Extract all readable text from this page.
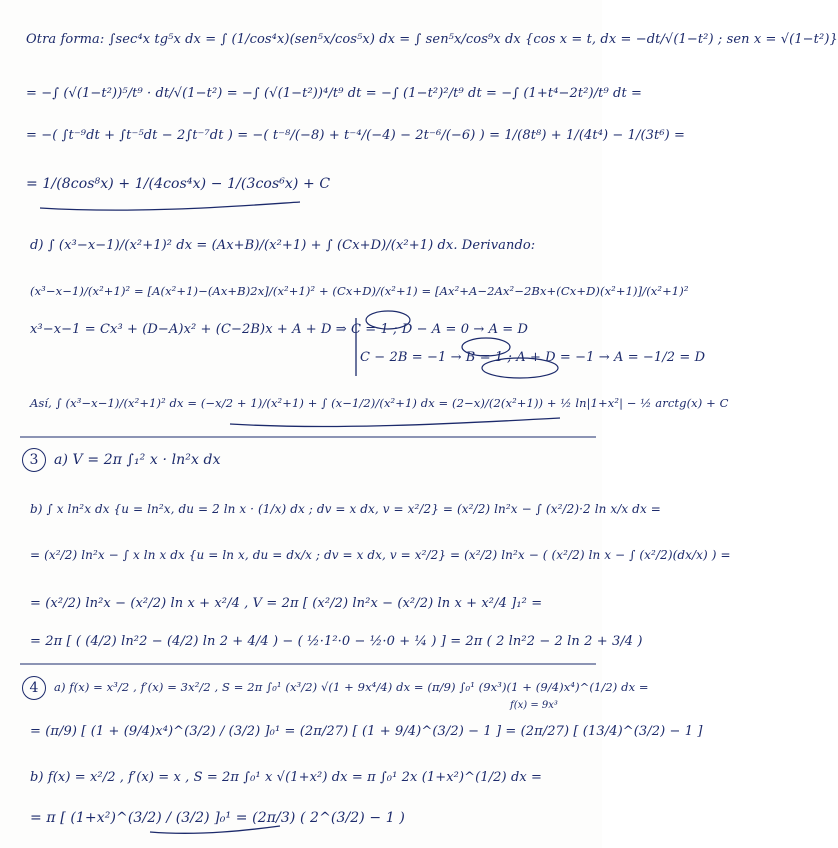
Otra forma: ∫sec⁴x tg⁵x dx = ∫ (1/cos⁴x)(sen⁵x/cos⁵x) dx = ∫ sen⁵x/cos⁹x dx {cos x = t, dx = −dt/√(1−t²) ; sen x = √(1−t²)}
= −∫ (√(1−t²))⁵/t⁹ · dt/√(1−t²) = −∫ (√(1−t²))⁴/t⁹ dt = −∫ (1−t²)²/t⁹ dt = −∫ (1+t⁴−2t²)/t⁹ dt =
= −( ∫t⁻⁹dt + ∫t⁻⁵dt − 2∫t⁻⁷dt ) = −( t⁻⁸/(−8) + t⁻⁴/(−4) − 2t⁻⁶/(−6) ) = 1/(8t⁸) + 1/(4t⁴) − 1/(3t⁶) =
= 1/(8cos⁸x) + 1/(4cos⁴x) − 1/(3cos⁶x) + C
d) ∫ (x³−x−1)/(x²+1)² dx = (Ax+B)/(x²+1) + ∫ (Cx+D)/(x²+1) dx. Derivando:
(x³−x−1)/(x²+1)² = [A(x²+1)−(Ax+B)2x]/(x²+1)² + (Cx+D)/(x²+1) = [Ax²+A−2Ax²−2Bx+(Cx+D)(x²+1)]/(x²+1)²
x³−x−1 = Cx³ + (D−A)x² + (C−2B)x + A + D ⇒ C = 1 ; D − A = 0 → A = D
C − 2B = −1 → B = 1 ; A + D = −1 → A = −1/2 = D
Así, ∫ (x³−x−1)/(x²+1)² dx = (−x/2 + 1)/(x²+1) + ∫ (x−1/2)/(x²+1) dx = (2−x)/(2(x²+1)) + ½ ln|1+x²| − ½ arctg(x) + C
3	a) V = 2π ∫₁² x · ln²x dx
b) ∫ x ln²x dx {u = ln²x, du = 2 ln x · (1/x) dx ; dv = x dx, v = x²/2} = (x²/2) ln²x − ∫ (x²/2)·2 ln x/x dx =
= (x²/2) ln²x − ∫ x ln x dx {u = ln x, du = dx/x ; dv = x dx, v = x²/2} = (x²/2) ln²x − ( (x²/2) ln x − ∫ (x²/2)(dx/x) ) =
= (x²/2) ln²x − (x²/2) ln x + x²/4 , V = 2π [ (x²/2) ln²x − (x²/2) ln x + x²/4 ]₁² =
= 2π [ ( (4/2) ln²2 − (4/2) ln 2 + 4/4 ) − ( ½·1²·0 − ½·0 + ¼ ) ] = 2π ( 2 ln²2 − 2 ln 2 + 3/4 )
4	a) f(x) = x³/2 , f′(x) = 3x²/2 , S = 2π ∫₀¹ (x³/2) √(1 + 9x⁴/4) dx = (π/9) ∫₀¹ (9x³)(1 + (9/4)x⁴)^(1/2) dx =
= (π/9) [ (1 + (9/4)x⁴)^(3/2) / (3/2) ]₀¹ = (2π/27) [ (1 + 9/4)^(3/2) − 1 ] = (2π/27) [ (13/4)^(3/2) − 1 ]
f(x) = 9x³
b) f(x) = x²/2 , f′(x) = x , S = 2π ∫₀¹ x √(1+x²) dx = π ∫₀¹ 2x (1+x²)^(1/2) dx =
= π [ (1+x²)^(3/2) / (3/2) ]₀¹ = (2π/3) ( 2^(3/2) − 1 )
